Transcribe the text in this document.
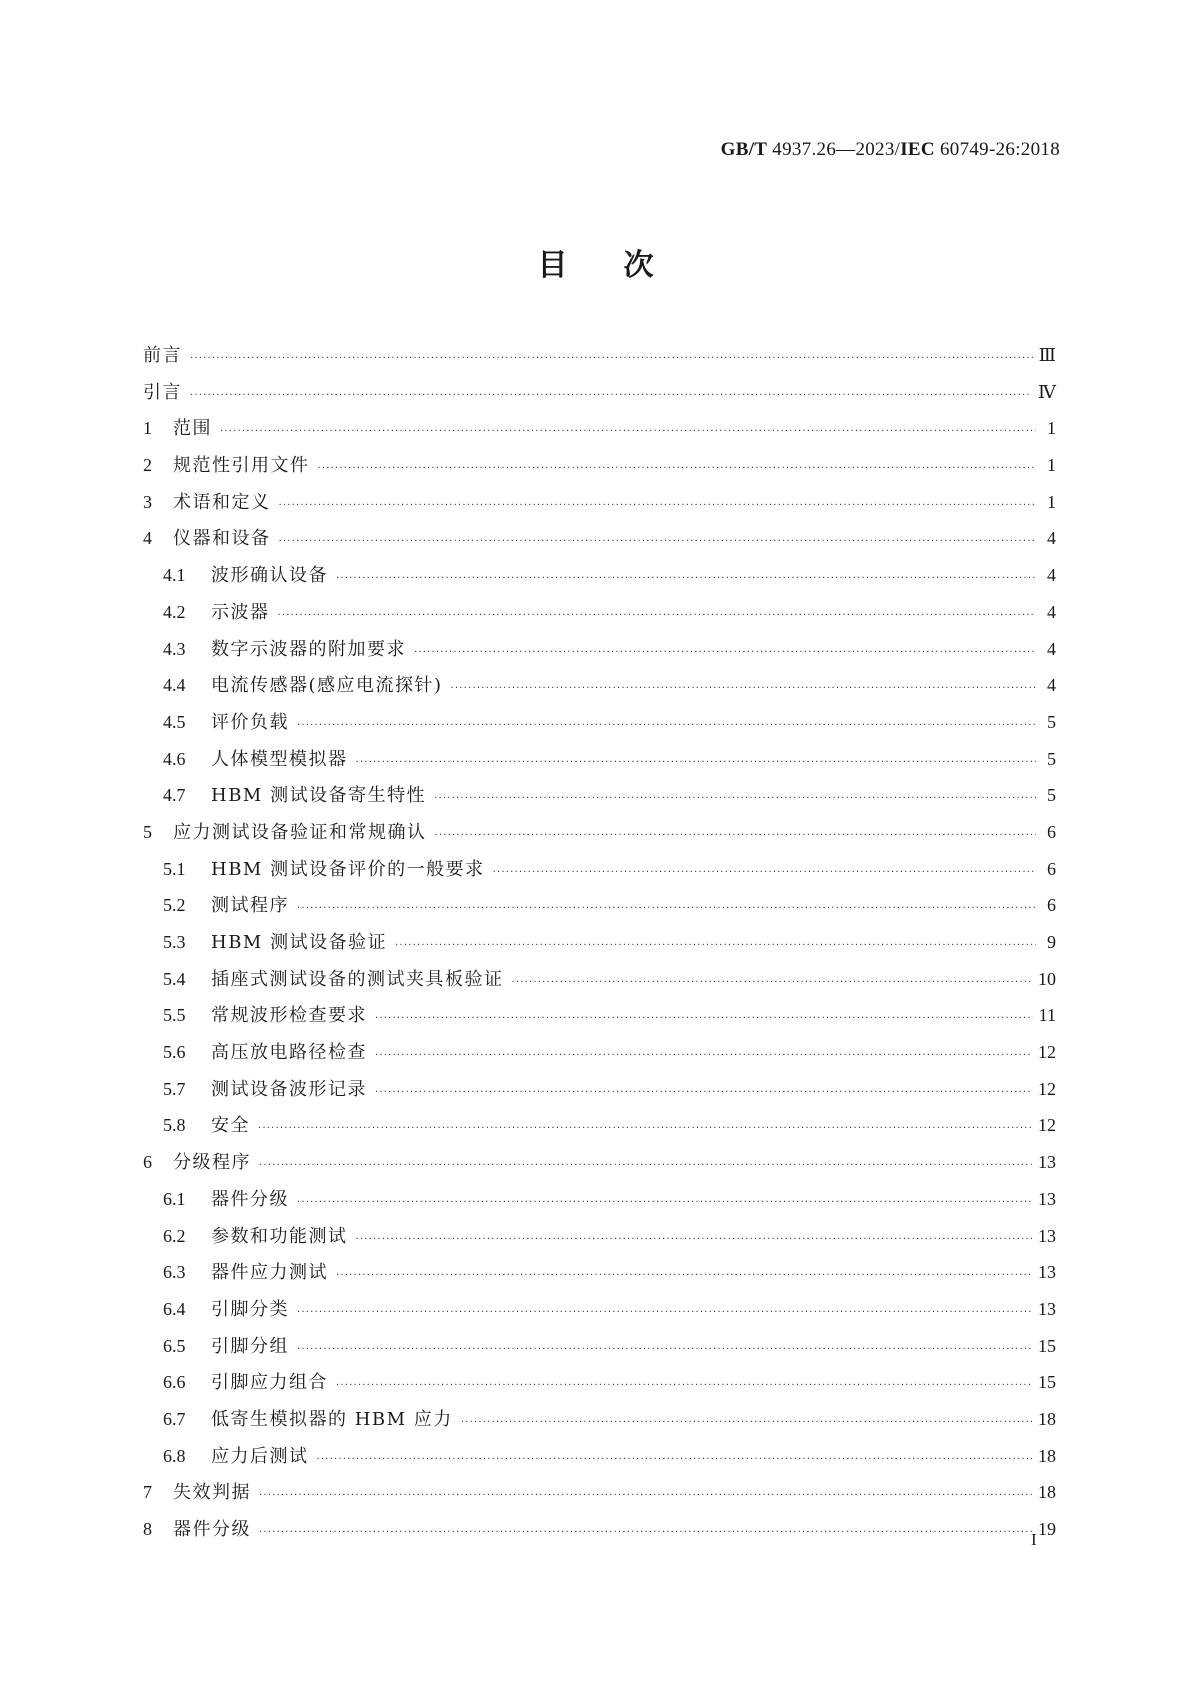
GB/T 4937.26—2023/IEC 60749-26:2018
目 次
前言 ·····	Ⅲ
引言 ·····	Ⅳ
1	范围 ·····	1
2	规范性引用文件 ·····	1
3	术语和定义 ·····	1
4	仪器和设备 ·····	4
4.1	波形确认设备 ·····	4
4.2	示波器 ·····	4
4.3	数字示波器的附加要求 ·····	4
4.4	电流传感器(感应电流探针) ·····	4
4.5	评价负载 ·····	5
4.6	人体模型模拟器 ·····	5
4.7	HBM 测试设备寄生特性 ·····	5
5	应力测试设备验证和常规确认 ·····	6
5.1	HBM 测试设备评价的一般要求 ·····	6
5.2	测试程序 ·····	6
5.3	HBM 测试设备验证 ·····	9
5.4	插座式测试设备的测试夹具板验证 ·····	10
5.5	常规波形检查要求 ·····	11
5.6	高压放电路径检查 ·····	12
5.7	测试设备波形记录 ·····	12
5.8	安全 ·····	12
6	分级程序 ·····	13
6.1	器件分级 ·····	13
6.2	参数和功能测试 ·····	13
6.3	器件应力测试 ·····	13
6.4	引脚分类 ·····	13
6.5	引脚分组 ·····	15
6.6	引脚应力组合 ·····	15
6.7	低寄生模拟器的 HBM 应力 ·····	18
6.8	应力后测试 ·····	18
7	失效判据 ·····	18
8	器件分级 ·····	19
I
